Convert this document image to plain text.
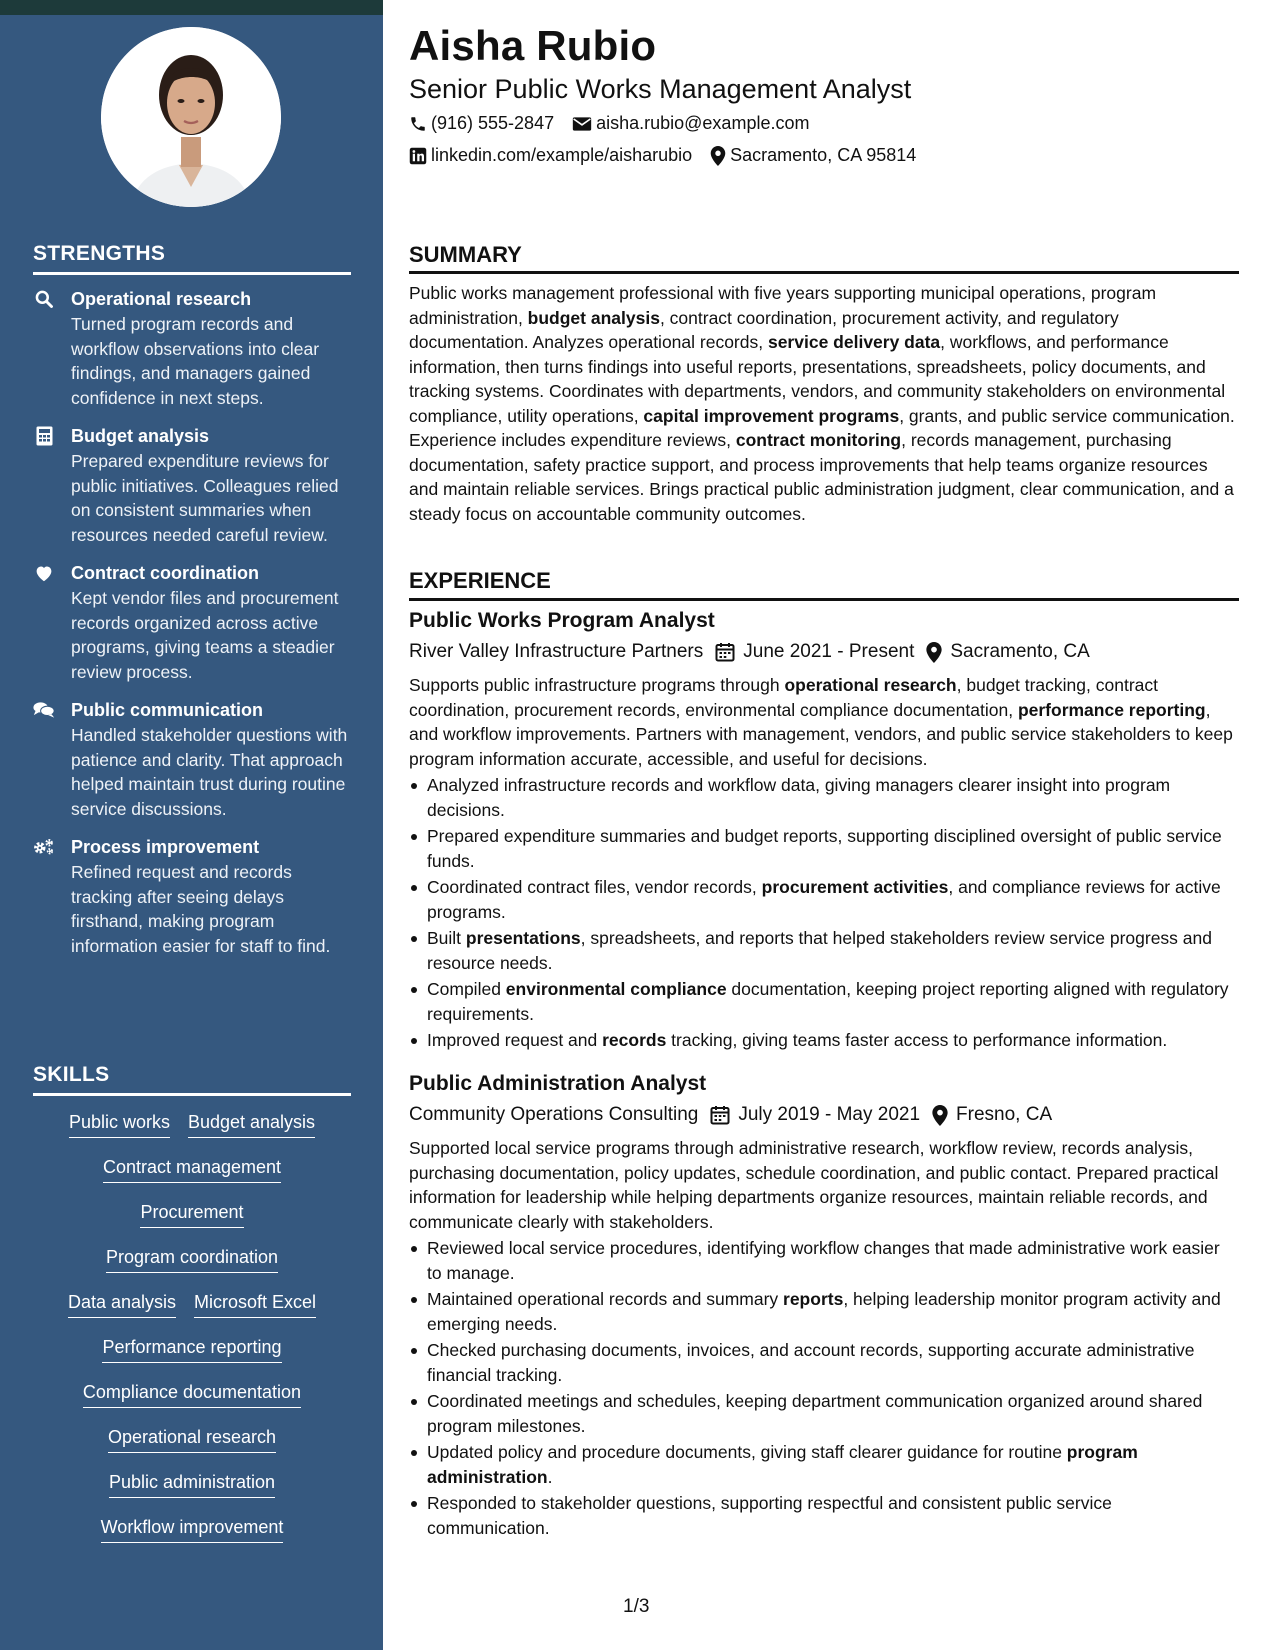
STRENGTHS
Operational research
Turned program records and workflow observations into clear findings, and managers gained confidence in next steps.
Budget analysis
Prepared expenditure reviews for public initiatives. Colleagues relied on consistent summaries when resources needed careful review.
Contract coordination
Kept vendor files and procurement records organized across active programs, giving teams a steadier review process.
Public communication
Handled stakeholder questions with patience and clarity. That approach helped maintain trust during routine service discussions.
Process improvement
Refined request and records tracking after seeing delays firsthand, making program information easier for staff to find.
SKILLS
Public works Budget analysis
Contract management
Procurement
Program coordination
Data analysis Microsoft Excel
Performance reporting
Compliance documentation
Operational research
Public administration
Workflow improvement
Aisha Rubio
Senior Public Works Management Analyst
(916) 555-2847 aisha.rubio@example.com
linkedin.com/example/aisharubio Sacramento, CA 95814
SUMMARY
Public works management professional with five years supporting municipal operations, program administration, budget analysis, contract coordination, procurement activity, and regulatory documentation. Analyzes operational records, service delivery data, workflows, and performance information, then turns findings into useful reports, presentations, spreadsheets, policy documents, and tracking systems. Coordinates with departments, vendors, and community stakeholders on environmental compliance, utility operations, capital improvement programs, grants, and public service communication. Experience includes expenditure reviews, contract monitoring, records management, purchasing documentation, safety practice support, and process improvements that help teams organize resources and maintain reliable services. Brings practical public administration judgment, clear communication, and a steady focus on accountable community outcomes.
EXPERIENCE
Public Works Program Analyst
River Valley Infrastructure Partners June 2021 - Present Sacramento, CA
Supports public infrastructure programs through operational research, budget tracking, contract coordination, procurement records, environmental compliance documentation, performance reporting, and workflow improvements. Partners with management, vendors, and public service stakeholders to keep program information accurate, accessible, and useful for decisions.
Analyzed infrastructure records and workflow data, giving managers clearer insight into program decisions.
Prepared expenditure summaries and budget reports, supporting disciplined oversight of public service funds.
Coordinated contract files, vendor records, procurement activities, and compliance reviews for active programs.
Built presentations, spreadsheets, and reports that helped stakeholders review service progress and resource needs.
Compiled environmental compliance documentation, keeping project reporting aligned with regulatory requirements.
Improved request and records tracking, giving teams faster access to performance information.
Public Administration Analyst
Community Operations Consulting July 2019 - May 2021 Fresno, CA
Supported local service programs through administrative research, workflow review, records analysis, purchasing documentation, policy updates, schedule coordination, and public contact. Prepared practical information for leadership while helping departments organize resources, maintain reliable records, and communicate clearly with stakeholders.
Reviewed local service procedures, identifying workflow changes that made administrative work easier to manage.
Maintained operational records and summary reports, helping leadership monitor program activity and emerging needs.
Checked purchasing documents, invoices, and account records, supporting accurate administrative financial tracking.
Coordinated meetings and schedules, keeping department communication organized around shared program milestones.
Updated policy and procedure documents, giving staff clearer guidance for routine program administration.
Responded to stakeholder questions, supporting respectful and consistent public service communication.
1/3
